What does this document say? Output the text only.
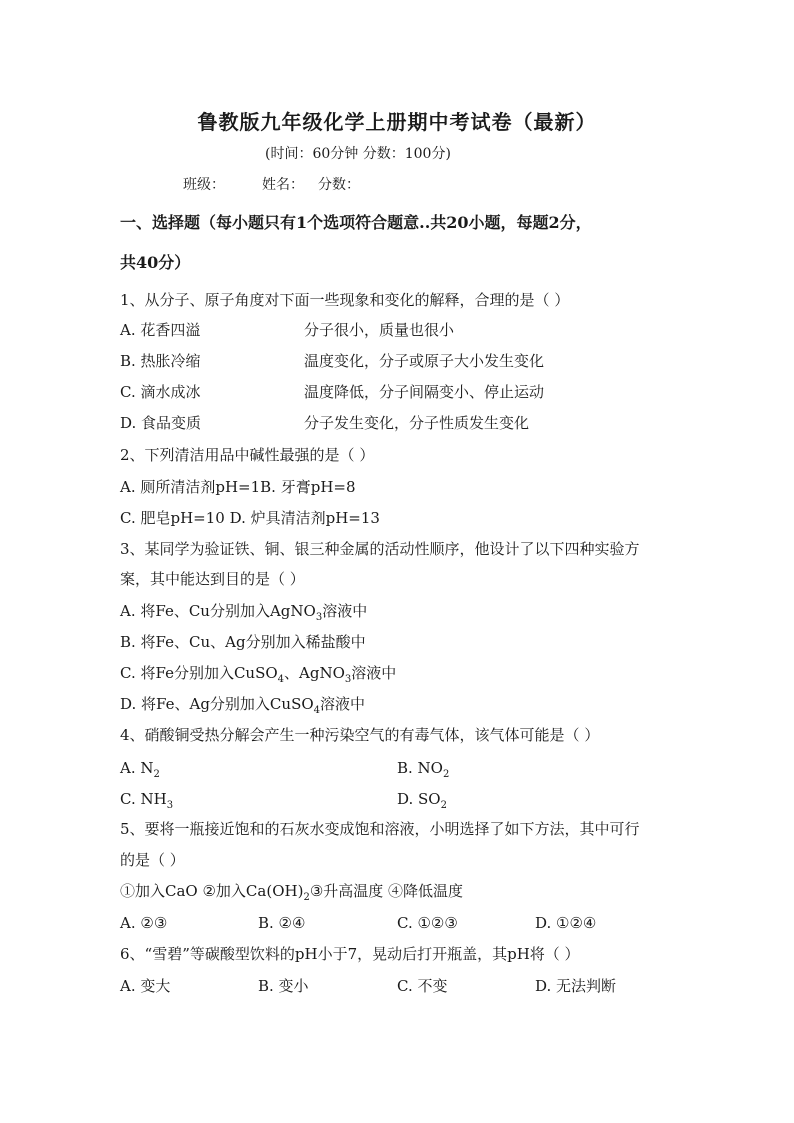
鲁教版九年级化学上册期中考试卷（最新）
(时间：60分钟 分数：100分)
班级：	姓名： 分数：
一、选择题（每小题只有1个选项符合题意..共20小题，每题2分，
共40分）
1、从分子、原子角度对下面一些现象和变化的解释，合理的是（ ）
A. 花香四溢	分子很小，质量也很小
B. 热胀冷缩	温度变化，分子或原子大小发生变化
C. 滴水成冰	温度降低，分子间隔变小、停止运动
D. 食品变质	分子发生变化，分子性质发生变化
2、下列清洁用品中碱性最强的是（ ）
A. 厕所清洁剂pH=1B. 牙膏pH=8
C. 肥皂pH=10 D. 炉具清洁剂pH=13
3、某同学为验证铁、铜、银三种金属的活动性顺序，他设计了以下四种实验方
案，其中能达到目的是（ ）
A. 将Fe、Cu分别加入AgNO$_3$溶液中
B. 将Fe、Cu、Ag分别加入稀盐酸中
C. 将Fe分别加入CuSO$_4$、AgNO$_3$溶液中
D. 将Fe、Ag分别加入CuSO$_4$溶液中
4、硝酸铜受热分解会产生一种污染空气的有毒气体，该气体可能是（ ）
A. $N_2$	B. $NO_2$
C. $NH_3$	D. $SO_2$
5、要将一瓶接近饱和的石灰水变成饱和溶液，小明选择了如下方法，其中可行
的是（ ）
①加入CaO ②加入$Ca(OH)_2③$升高温度 ④降低温度
A. ②③	B. ②④	C. ①②③	D. ①②④
6、“雪碧”等碳酸型饮料的pH小于7，晃动后打开瓶盖，其pH将（ ）
A. 变大	B. 变小	C. 不变	D. 无法判断
